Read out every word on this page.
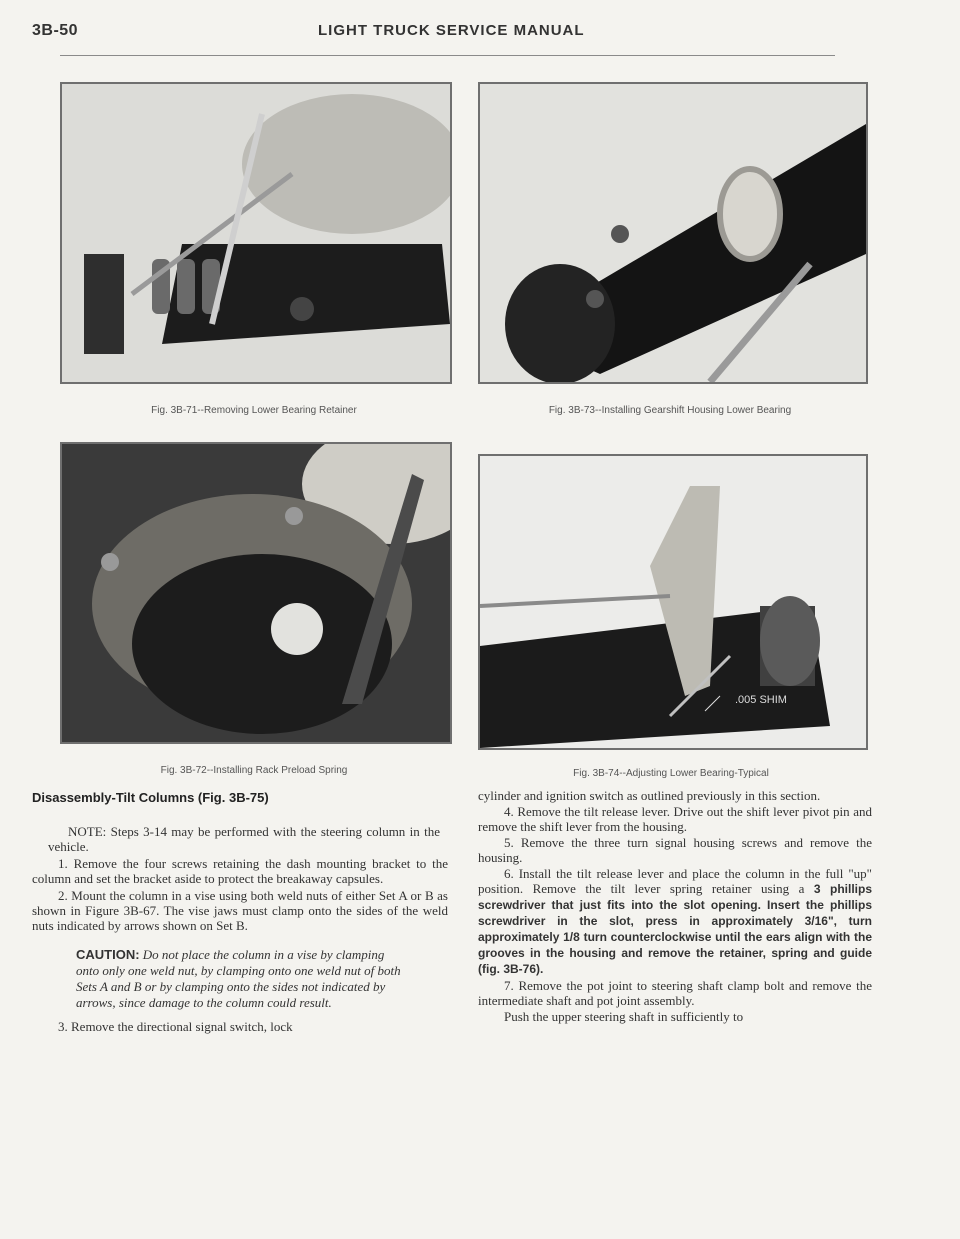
3B-50	LIGHT TRUCK SERVICE MANUAL
Fig. 3B-71--Removing Lower Bearing Retainer	Fig. 3B-73--Installing Gearshift Housing Lower Bearing
Fig. 3B-72--Installing Rack Preload Spring
.005 SHIM
Fig. 3B-74--Adjusting Lower Bearing-Typical
Disassembly-Tilt Columns (Fig. 3B-75)

NOTE: Steps 3-14 may be performed with the steering column in the vehicle.

1. Remove the four screws retaining the dash mounting bracket to the column and set the bracket aside to protect the breakaway capsules.

2. Mount the column in a vise using both weld nuts of either Set A or B as shown in Figure 3B-67. The vise jaws must clamp onto the sides of the weld nuts indicated by arrows shown on Set B.

CAUTION: Do not place the column in a vise by clamping onto only one weld nut, by clamping onto one weld nut of both Sets A and B or by clamping onto the sides not indicated by arrows, since damage to the column could result.

3. Remove the directional signal switch, lock

cylinder and ignition switch as outlined previously in this section.

4. Remove the tilt release lever. Drive out the shift lever pivot pin and remove the shift lever from the housing.

5. Remove the three turn signal housing screws and remove the housing.

6. Install the tilt release lever and place the column in the full "up" position. Remove the tilt lever spring retainer using a 3 phillips screwdriver that just fits into the slot opening. Insert the phillips screwdriver in the slot, press in approximately 3/16", turn approximately 1/8 turn counterclockwise until the ears align with the grooves in the housing and remove the retainer, spring and guide (fig. 3B-76).

7. Remove the pot joint to steering shaft clamp bolt and remove the intermediate shaft and pot joint assembly.

Push the upper steering shaft in sufficiently to
